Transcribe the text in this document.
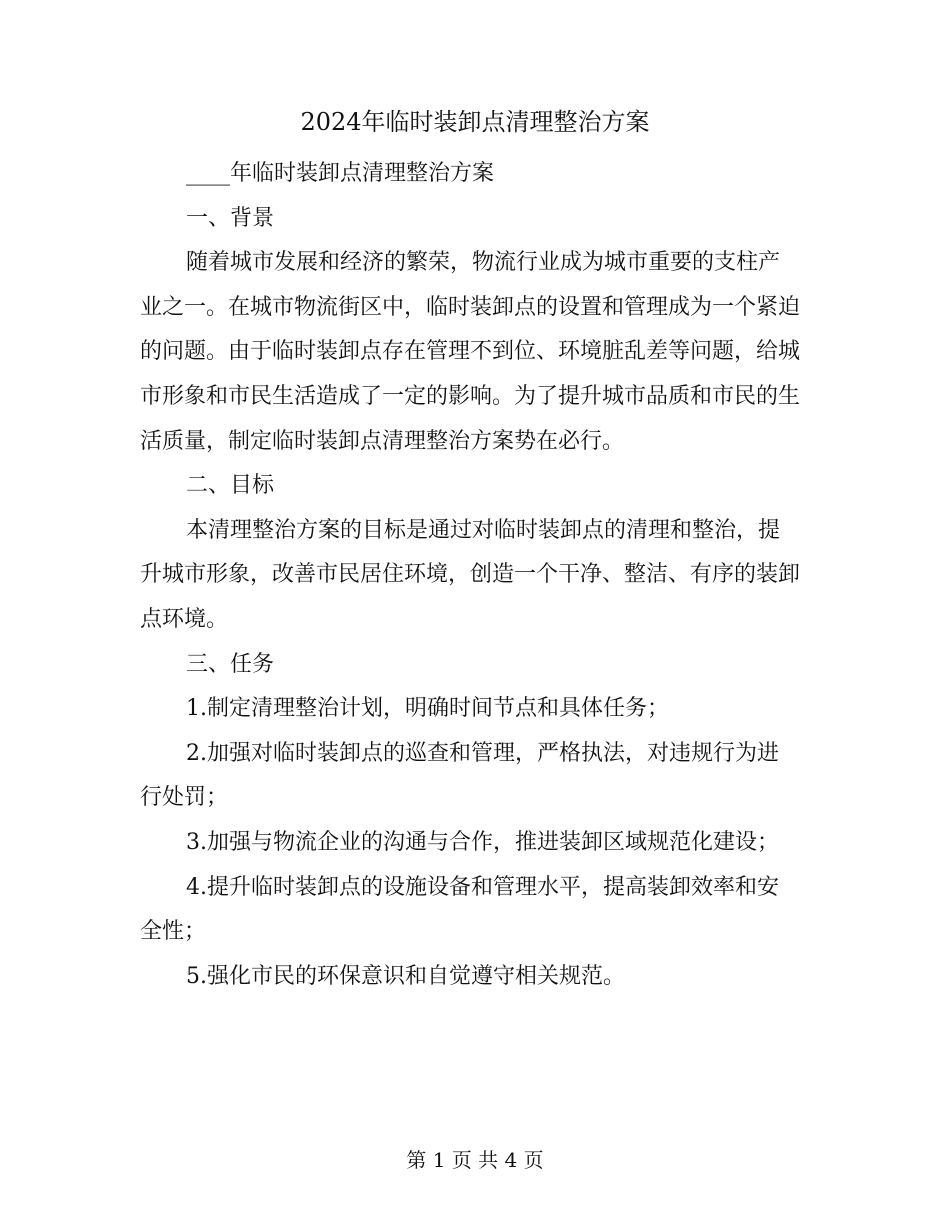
2024年临时装卸点清理整治方案

____年临时装卸点清理整治方案

一、背景

随着城市发展和经济的繁荣，物流行业成为城市重要的支柱产业之一。在城市物流街区中，临时装卸点的设置和管理成为一个紧迫的问题。由于临时装卸点存在管理不到位、环境脏乱差等问题，给城市形象和市民生活造成了一定的影响。为了提升城市品质和市民的生活质量，制定临时装卸点清理整治方案势在必行。

二、目标

本清理整治方案的目标是通过对临时装卸点的清理和整治，提升城市形象，改善市民居住环境，创造一个干净、整洁、有序的装卸点环境。

三、任务

1.制定清理整治计划，明确时间节点和具体任务；

2.加强对临时装卸点的巡查和管理，严格执法，对违规行为进行处罚；

3.加强与物流企业的沟通与合作，推进装卸区域规范化建设；

4.提升临时装卸点的设施设备和管理水平，提高装卸效率和安全性；

5.强化市民的环保意识和自觉遵守相关规范。

第 1 页 共 4 页
